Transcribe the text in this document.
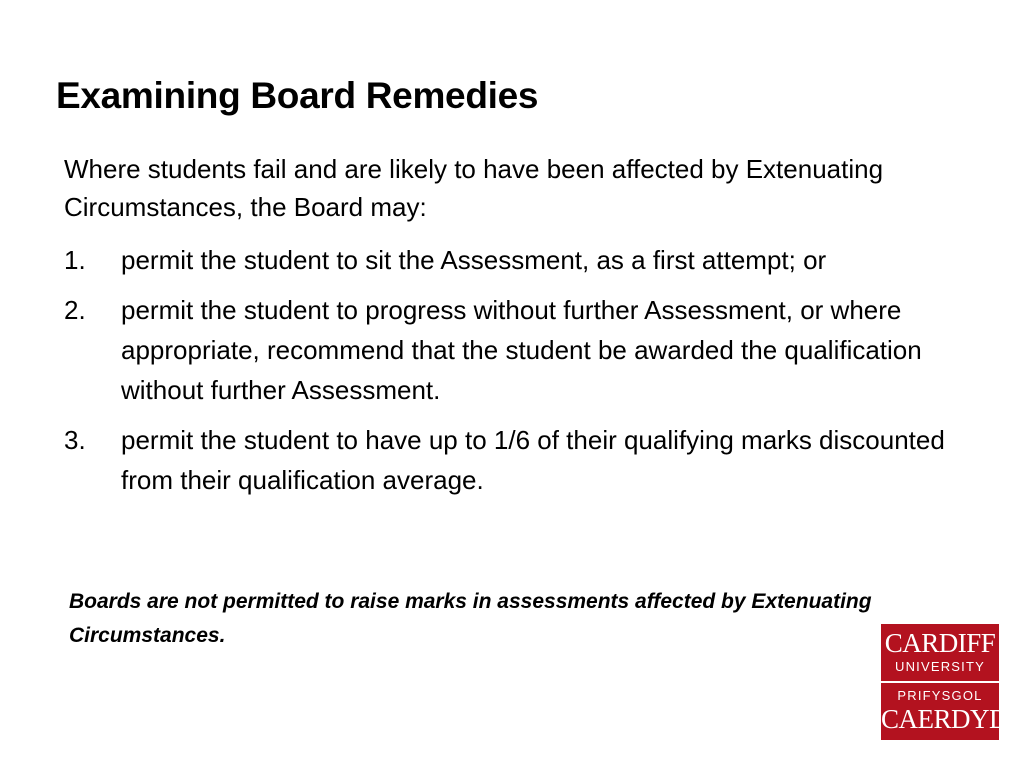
Examining Board Remedies
Where students fail and are likely to have been affected by Extenuating Circumstances, the Board may:
1. permit the student to sit the Assessment, as a first attempt; or
2. permit the student to progress without further Assessment, or where appropriate, recommend that the student be awarded the qualification without further Assessment.
3. permit the student to have up to 1/6 of their qualifying marks discounted from their qualification average.
Boards are not permitted to raise marks in assessments affected by Extenuating Circumstances.	CARDIFF
UNIVERSITY
PRIFYSGOL
CAERDYD
